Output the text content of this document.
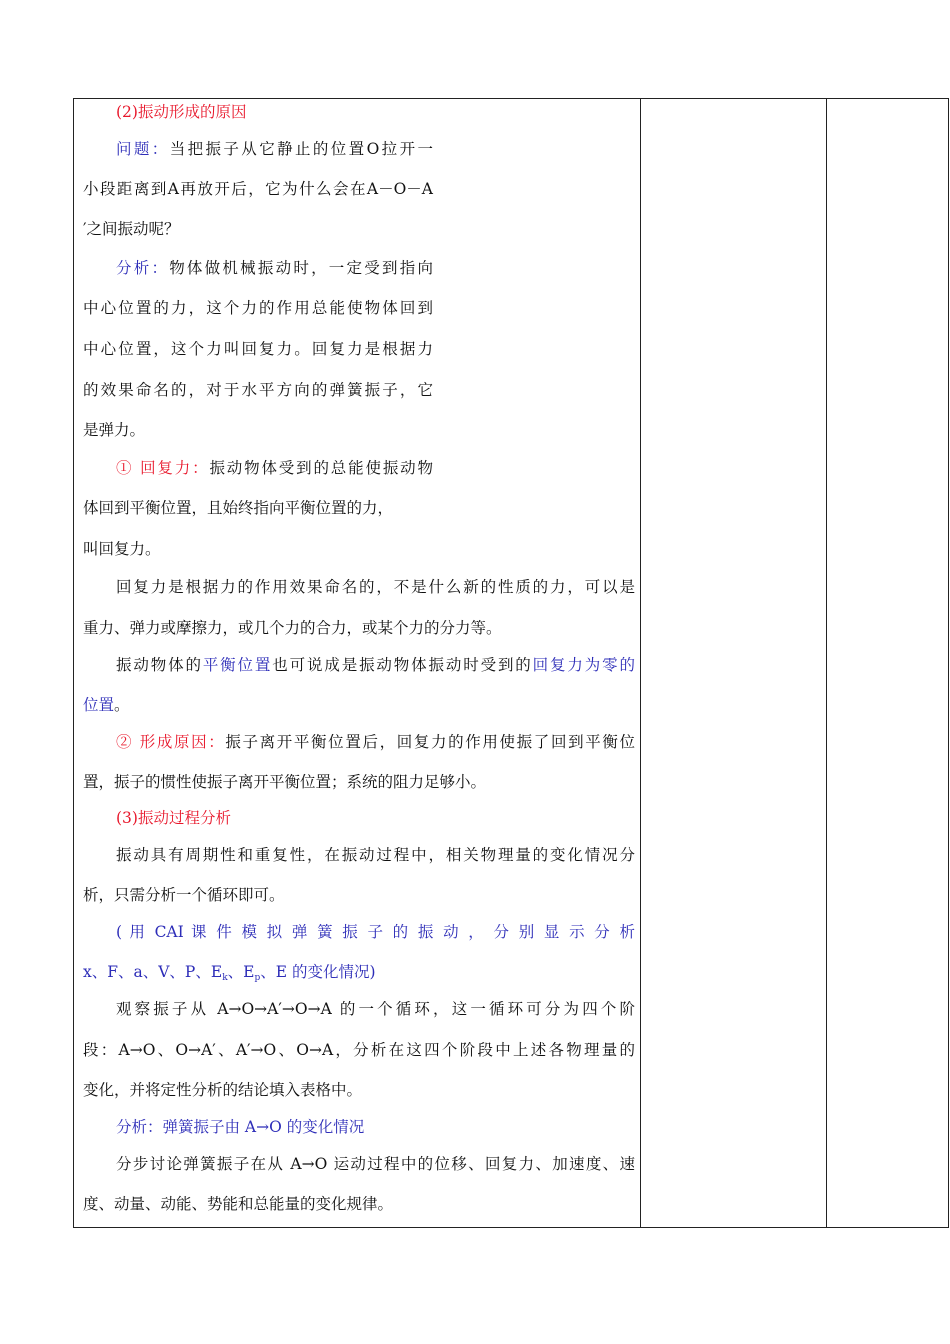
(2)振动形成的原因
问题：当把振子从它静止的位置O拉开一
小段距离到A再放开后，它为什么会在A－O－A
′之间振动呢？
分析：物体做机械振动时，一定受到指向
中心位置的力，这个力的作用总能使物体回到
中心位置，这个力叫回复力。回复力是根据力
的效果命名的，对于水平方向的弹簧振子，它
是弹力。
① 回复力：振动物体受到的总能使振动物
体回到平衡位置，且始终指向平衡位置的力，
叫回复力。
回复力是根据力的作用效果命名的，不是什么新的性质的力，可以是
重力、弹力或摩擦力，或几个力的合力，或某个力的分力等。
振动物体的平衡位置也可说成是振动物体振动时受到的回复力为零的
位置。
② 形成原因：振子离开平衡位置后，回复力的作用使振了回到平衡位
置，振子的惯性使振子离开平衡位置；系统的阻力足够小。
(3)振动过程分析
振动具有周期性和重复性，在振动过程中，相关物理量的变化情况分
析，只需分析一个循环即可。
( 用 CAI 课 件 模 拟 弹 簧 振 子 的 振 动 ， 分 别 显 示 分 析
x、F、a、V、P、$E_k$、$E_p$、E 的变化情况)
观察振子从 A→O→A′→O→A 的一个循环，这一循环可分为四个阶
段：A→O、O→A′、A′→O、O→A，分析在这四个阶段中上述各物理量的
变化，并将定性分析的结论填入表格中。
分析：弹簧振子由 A→O 的变化情况
分步讨论弹簧振子在从 A→O 运动过程中的位移、回复力、加速度、速
度、动量、动能、势能和总能量的变化规律。
